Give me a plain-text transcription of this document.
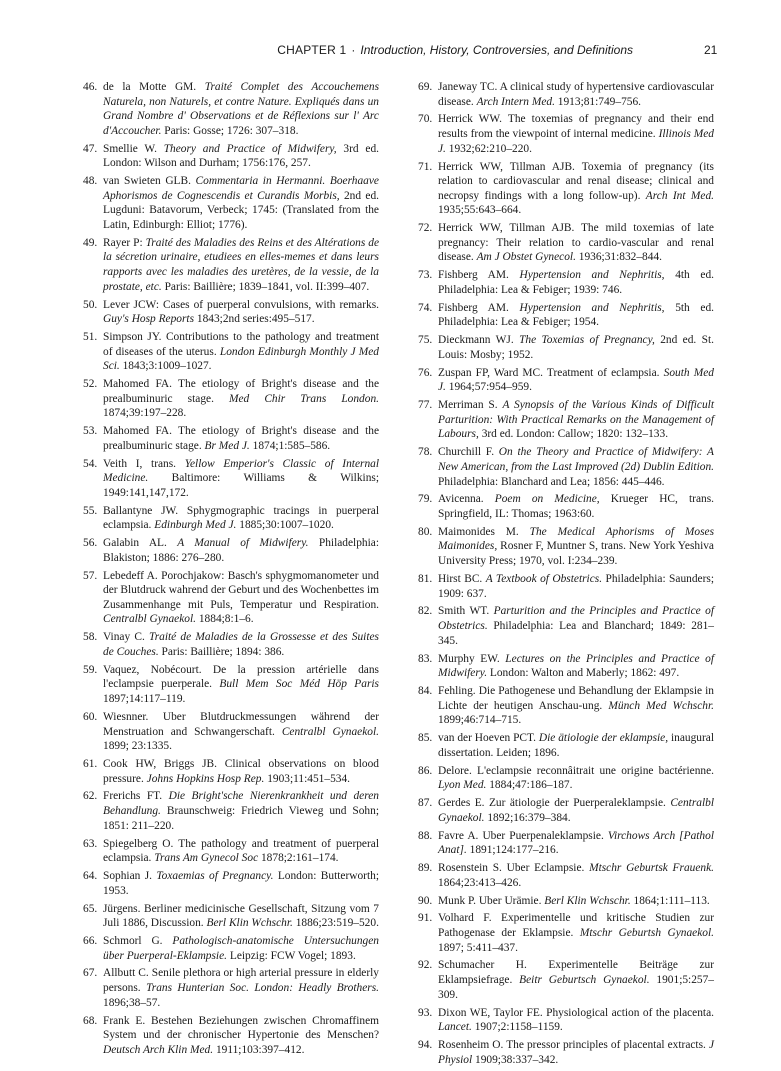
CHAPTER 1 · Introduction, History, Controversies, and Definitions	21
46. de la Motte GM. Traité Complet des Accouchemens Naturela, non Naturels, et contre Nature. Expliqués dans un Grand Nombre d' Observations et de Réflexions sur l' Arc d'Accoucher. Paris: Gosse; 1726: 307–318.
47. Smellie W. Theory and Practice of Midwifery, 3rd ed. London: Wilson and Durham; 1756:176, 257.
48. van Swieten GLB. Commentaria in Hermanni. Boerhaave Aphorismos de Cognescendis et Curandis Morbis, 2nd ed. Lugduni: Batavorum, Verbeck; 1745: (Translated from the Latin, Edinburgh: Elliot; 1776).
49. Rayer P: Traité des Maladies des Reins et des Altérations de la sécretion urinaire, etudiees en elles-memes et dans leurs rapports avec les maladies des uretères, de la vessie, de la prostate, etc. Paris: Baillière; 1839–1841, vol. II:399–407.
50. Lever JCW: Cases of puerperal convulsions, with remarks. Guy's Hosp Reports 1843;2nd series:495–517.
51. Simpson JY. Contributions to the pathology and treatment of diseases of the uterus. London Edinburgh Monthly J Med Sci. 1843;3:1009–1027.
52. Mahomed FA. The etiology of Bright's disease and the prealbuminuric stage. Med Chir Trans London. 1874;39:197–228.
53. Mahomed FA. The etiology of Bright's disease and the prealbuminuric stage. Br Med J. 1874;1:585–586.
54. Veith I, trans. Yellow Emperior's Classic of Internal Medicine. Baltimore: Williams & Wilkins; 1949:141,147,172.
55. Ballantyne JW. Sphygmographic tracings in puerperal eclampsia. Edinburgh Med J. 1885;30:1007–1020.
56. Galabin AL. A Manual of Midwifery. Philadelphia: Blakiston; 1886: 276–280.
57. Lebedeff A. Porochjakow: Basch's sphygmomanometer und der Blutdruck wahrend der Geburt und des Wochenbettes im Zusammenhange mit Puls, Temperatur und Respiration. Centralbl Gynaekol. 1884;8:1–6.
58. Vinay C. Traité de Maladies de la Grossesse et des Suites de Couches. Paris: Baillière; 1894: 386.
59. Vaquez, Nobécourt. De la pression artérielle dans l'eclampsie puerperale. Bull Mem Soc Méd Höp Paris 1897;14:117–119.
60. Wiesnner. Uber Blutdruckmessungen während der Menstruation and Schwangerschaft. Centralbl Gynaekol. 1899; 23:1335.
61. Cook HW, Briggs JB. Clinical observations on blood pressure. Johns Hopkins Hosp Rep. 1903;11:451–534.
62. Frerichs FT. Die Bright'sche Nierenkrankheit und deren Behandlung. Braunschweig: Friedrich Vieweg und Sohn; 1851: 211–220.
63. Spiegelberg O. The pathology and treatment of puerperal eclampsia. Trans Am Gynecol Soc 1878;2:161–174.
64. Sophian J. Toxaemias of Pregnancy. London: Butterworth; 1953.
65. Jürgens. Berliner medicinische Gesellschaft, Sitzung vom 7 Juli 1886, Discussion. Berl Klin Wchschr. 1886;23:519–520.
66. Schmorl G. Pathologisch-anatomische Untersuchungen über Puerperal-Eklampsie. Leipzig: FCW Vogel; 1893.
67. Allbutt C. Senile plethora or high arterial pressure in elderly persons. Trans Hunterian Soc. London: Headly Brothers. 1896;38–57.
68. Frank E. Bestehen Beziehungen zwischen Chromaffinem System und der chronischer Hypertonie des Menschen? Deutsch Arch Klin Med. 1911;103:397–412.
69. Janeway TC. A clinical study of hypertensive cardiovascular disease. Arch Intern Med. 1913;81:749–756.
70. Herrick WW. The toxemias of pregnancy and their end results from the viewpoint of internal medicine. Illinois Med J. 1932;62:210–220.
71. Herrick WW, Tillman AJB. Toxemia of pregnancy (its relation to cardiovascular and renal disease; clinical and necropsy findings with a long follow-up). Arch Int Med. 1935;55:643–664.
72. Herrick WW, Tillman AJB. The mild toxemias of late pregnancy: Their relation to cardio-vascular and renal disease. Am J Obstet Gynecol. 1936;31:832–844.
73. Fishberg AM. Hypertension and Nephritis, 4th ed. Philadelphia: Lea & Febiger; 1939: 746.
74. Fishberg AM. Hypertension and Nephritis, 5th ed. Philadelphia: Lea & Febiger; 1954.
75. Dieckmann WJ. The Toxemias of Pregnancy, 2nd ed. St. Louis: Mosby; 1952.
76. Zuspan FP, Ward MC. Treatment of eclampsia. South Med J. 1964;57:954–959.
77. Merriman S. A Synopsis of the Various Kinds of Difficult Parturition: With Practical Remarks on the Management of Labours, 3rd ed. London: Callow; 1820: 132–133.
78. Churchill F. On the Theory and Practice of Midwifery: A New American, from the Last Improved (2d) Dublin Edition. Philadelphia: Blanchard and Lea; 1856: 445–446.
79. Avicenna. Poem on Medicine, Krueger HC, trans. Springfield, IL: Thomas; 1963:60.
80. Maimonides M. The Medical Aphorisms of Moses Maimonides, Rosner F, Muntner S, trans. New York Yeshiva University Press; 1970, vol. I:234–239.
81. Hirst BC. A Textbook of Obstetrics. Philadelphia: Saunders; 1909: 637.
82. Smith WT. Parturition and the Principles and Practice of Obstetrics. Philadelphia: Lea and Blanchard; 1849: 281–345.
83. Murphy EW. Lectures on the Principles and Practice of Midwifery. London: Walton and Maberly; 1862: 497.
84. Fehling. Die Pathogenese und Behandlung der Eklampsie in Lichte der heutigen Anschau-ung. Münch Med Wchschr. 1899;46:714–715.
85. van der Hoeven PCT. Die ätiologie der eklampsie, inaugural dissertation. Leiden; 1896.
86. Delore. L'eclampsie reconnâitrait une origine bactérienne. Lyon Med. 1884;47:186–187.
87. Gerdes E. Zur ätiologie der Puerperaleklampsie. Centralbl Gynaekol. 1892;16:379–384.
88. Favre A. Uber Puerpenaleklampsie. Virchows Arch [Pathol Anat]. 1891;124:177–216.
89. Rosenstein S. Uber Eclampsie. Mtschr Geburtsk Frauenk. 1864;23:413–426.
90. Munk P. Uber Urämie. Berl Klin Wchschr. 1864;1:111–113.
91. Volhard F. Experimentelle und kritische Studien zur Pathogenase der Eklampsie. Mtschr Geburtsh Gynaekol. 1897; 5:411–437.
92. Schumacher H. Experimentelle Beiträge zur Eklampsiefrage. Beitr Geburtsch Gynaekol. 1901;5:257–309.
93. Dixon WE, Taylor FE. Physiological action of the placenta. Lancet. 1907;2:1158–1159.
94. Rosenheim O. The pressor principles of placental extracts. J Physiol 1909;38:337–342.
